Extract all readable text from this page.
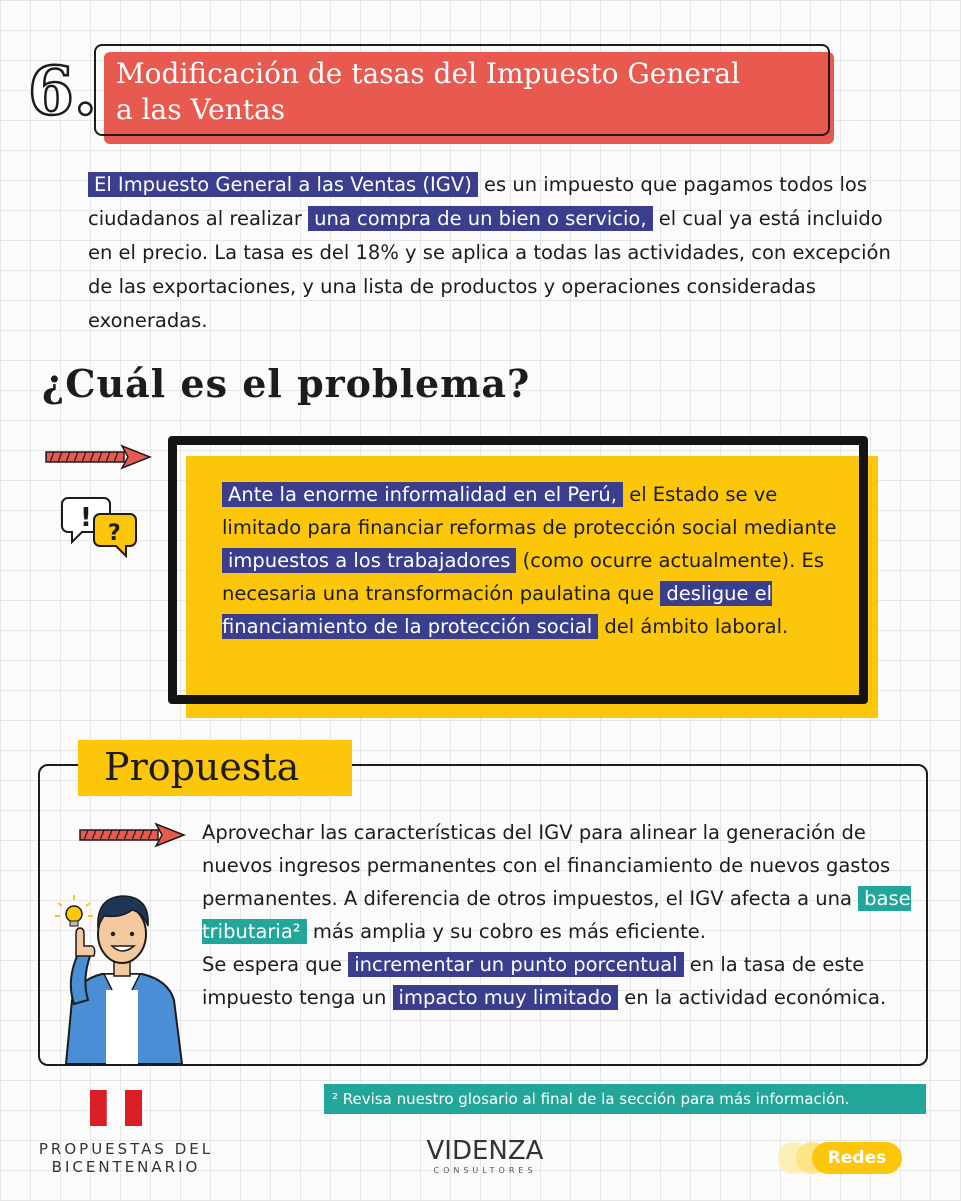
6. Modificación de tasas del Impuesto General
a las Ventas

El Impuesto General a las Ventas (IGV) es un impuesto que pagamos todos los ciudadanos al realizar una compra de un bien o servicio, el cual ya está incluido en el precio. La tasa es del 18% y se aplica a todas las actividades, con excepción de las exportaciones, y una lista de productos y operaciones consideradas exoneradas.

¿Cuál es el problema?
!
?

Ante la enorme informalidad en el Perú, el Estado se ve limitado para financiar reformas de protección social mediante impuestos a los trabajadores (como ocurre actualmente). Es necesaria una transformación paulatina que desligue el financiamiento de la protección social del ámbito laboral.

Propuesta

Aprovechar las características del IGV para alinear la generación de nuevos ingresos permanentes con el financiamiento de nuevos gastos permanentes. A diferencia de otros impuestos, el IGV afecta a una base tributaria² más amplia y su cobro es más eficiente.
Se espera que incrementar un punto porcentual en la tasa de este impuesto tenga un impacto muy limitado en la actividad económica.

² Revisa nuestro glosario al final de la sección para más información.
PROPUESTAS DEL
BICENTENARIO
VIDENZA
CONSULTORES
Redes
